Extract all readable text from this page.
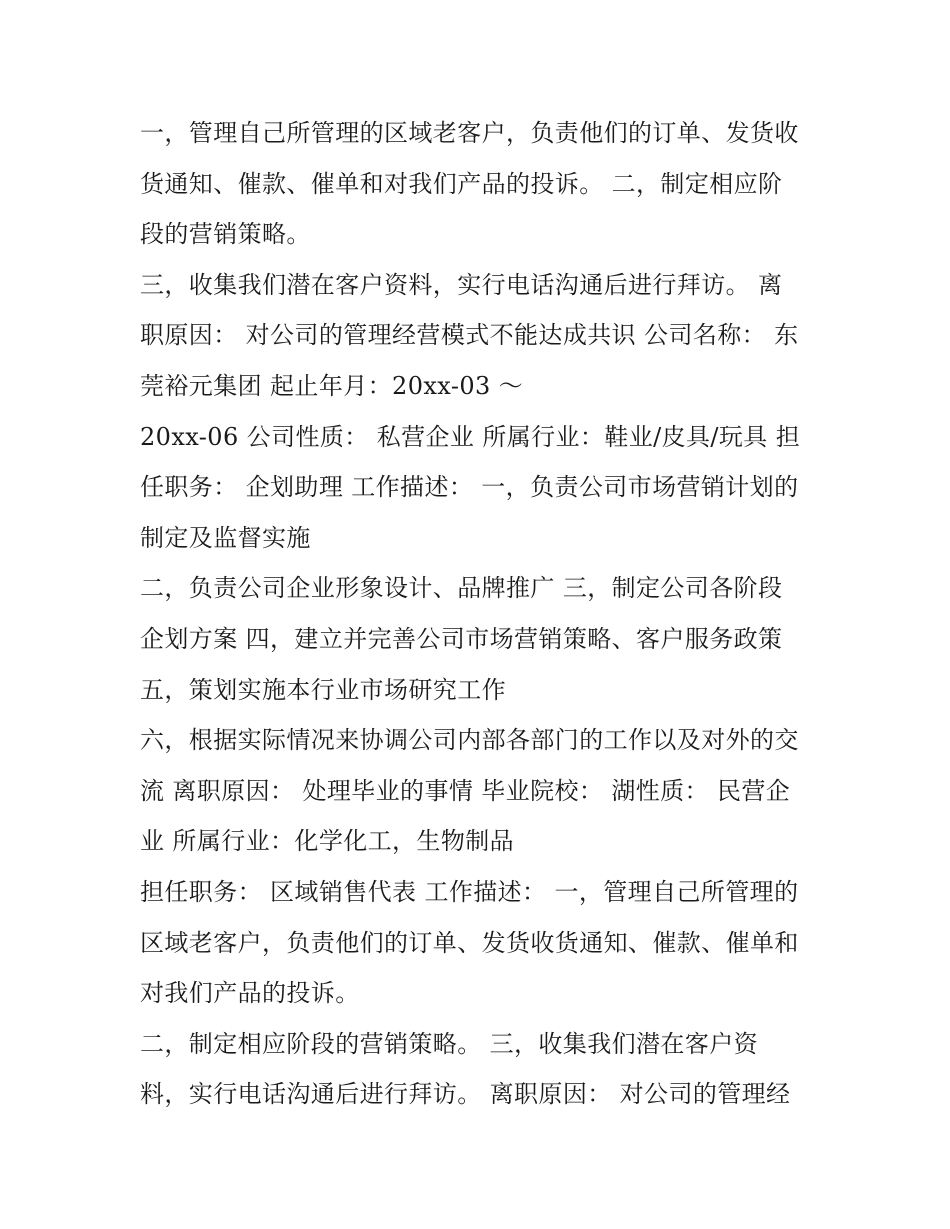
一，管理自己所管理的区域老客户，负责他们的订单、发货收
货通知、催款、催单和对我们产品的投诉。 二，制定相应阶
段的营销策略。
三，收集我们潜在客户资料，实行电话沟通后进行拜访。 离
职原因： 对公司的管理经营模式不能达成共识 公司名称： 东
莞裕元集团 起止年月：20xx-03 ～
20xx-06 公司性质： 私营企业 所属行业：鞋业/皮具/玩具 担
任职务： 企划助理 工作描述： 一，负责公司市场营销计划的
制定及监督实施
二，负责公司企业形象设计、品牌推广 三，制定公司各阶段
企划方案 四，建立并完善公司市场营销策略、客户服务政策
五，策划实施本行业市场研究工作
六，根据实际情况来协调公司内部各部门的工作以及对外的交
流 离职原因： 处理毕业的事情 毕业院校： 湖性质： 民营企
业 所属行业：化学化工，生物制品
担任职务： 区域销售代表 工作描述： 一，管理自己所管理的
区域老客户，负责他们的订单、发货收货通知、催款、催单和
对我们产品的投诉。
二，制定相应阶段的营销策略。 三，收集我们潜在客户资
料，实行电话沟通后进行拜访。 离职原因： 对公司的管理经
